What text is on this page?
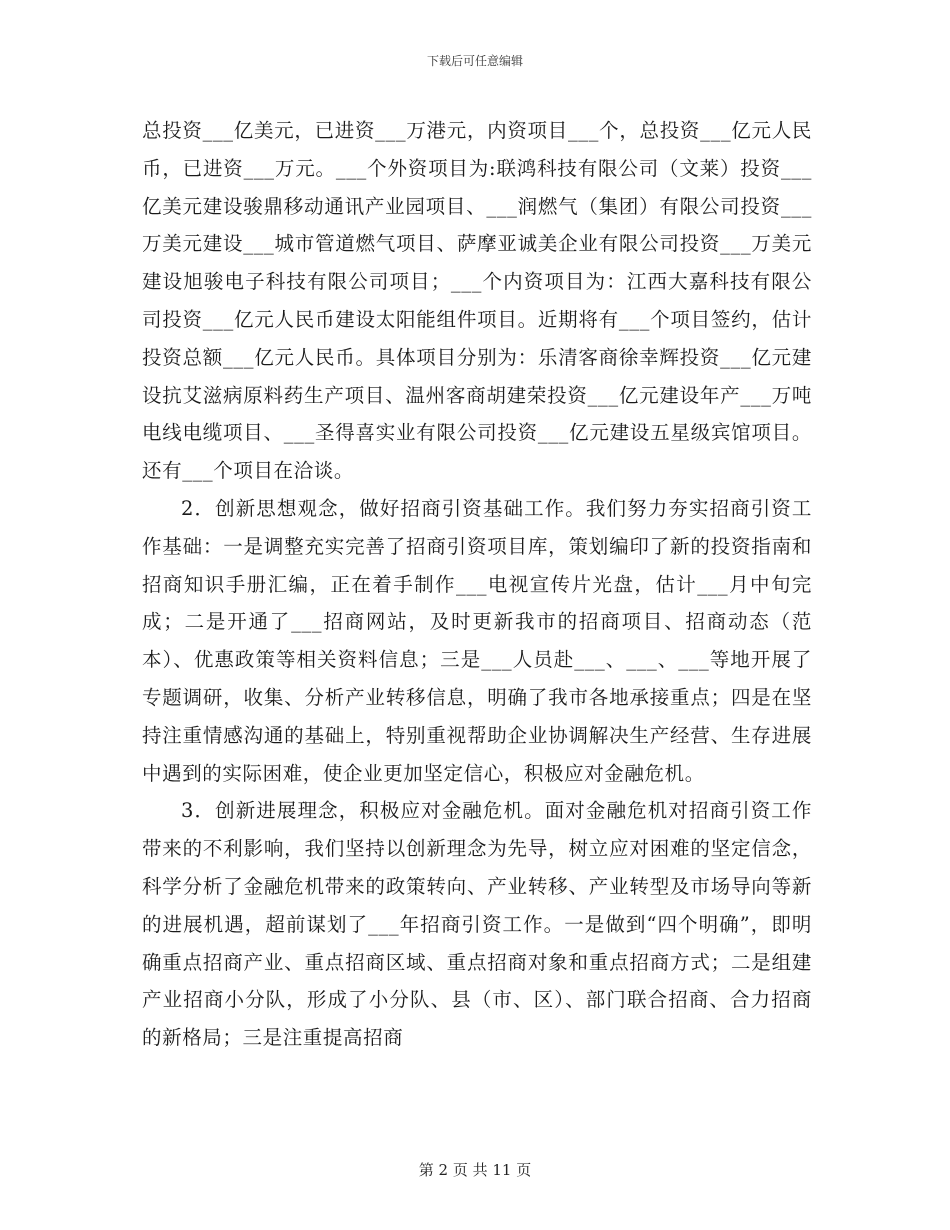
下载后可任意编辑

总投资___亿美元，已进资___万港元，内资项目___个，总投资___亿元人民币，已进资___万元。___个外资项目为:联鸿科技有限公司（文莱）投资___亿美元建设骏鼎移动通讯产业园项目、___润燃气（集团）有限公司投资___万美元建设___城市管道燃气项目、萨摩亚诚美企业有限公司投资___万美元建设旭骏电子科技有限公司项目；___个内资项目为：江西大嘉科技有限公司投资___亿元人民币建设太阳能组件项目。近期将有___个项目签约，估计投资总额___亿元人民币。具体项目分别为：乐清客商徐幸辉投资___亿元建设抗艾滋病原料药生产项目、温州客商胡建荣投资___亿元建设年产___万吨电线电缆项目、___圣得喜实业有限公司投资___亿元建设五星级宾馆项目。还有___个项目在洽谈。

2．创新思想观念，做好招商引资基础工作。我们努力夯实招商引资工作基础：一是调整充实完善了招商引资项目库，策划编印了新的投资指南和招商知识手册汇编，正在着手制作___电视宣传片光盘，估计___月中旬完成；二是开通了___招商网站，及时更新我市的招商项目、招商动态（范本）、优惠政策等相关资料信息；三是___人员赴___、___、___等地开展了专题调研，收集、分析产业转移信息，明确了我市各地承接重点；四是在坚持注重情感沟通的基础上，特别重视帮助企业协调解决生产经营、生存进展中遇到的实际困难，使企业更加坚定信心，积极应对金融危机。

3．创新进展理念，积极应对金融危机。面对金融危机对招商引资工作带来的不利影响，我们坚持以创新理念为先导，树立应对困难的坚定信念，科学分析了金融危机带来的政策转向、产业转移、产业转型及市场导向等新的进展机遇，超前谋划了___年招商引资工作。一是做到“四个明确”，即明确重点招商产业、重点招商区域、重点招商对象和重点招商方式；二是组建产业招商小分队，形成了小分队、县（市、区）、部门联合招商、合力招商的新格局；三是注重提高招商

第 2 页 共 11 页
